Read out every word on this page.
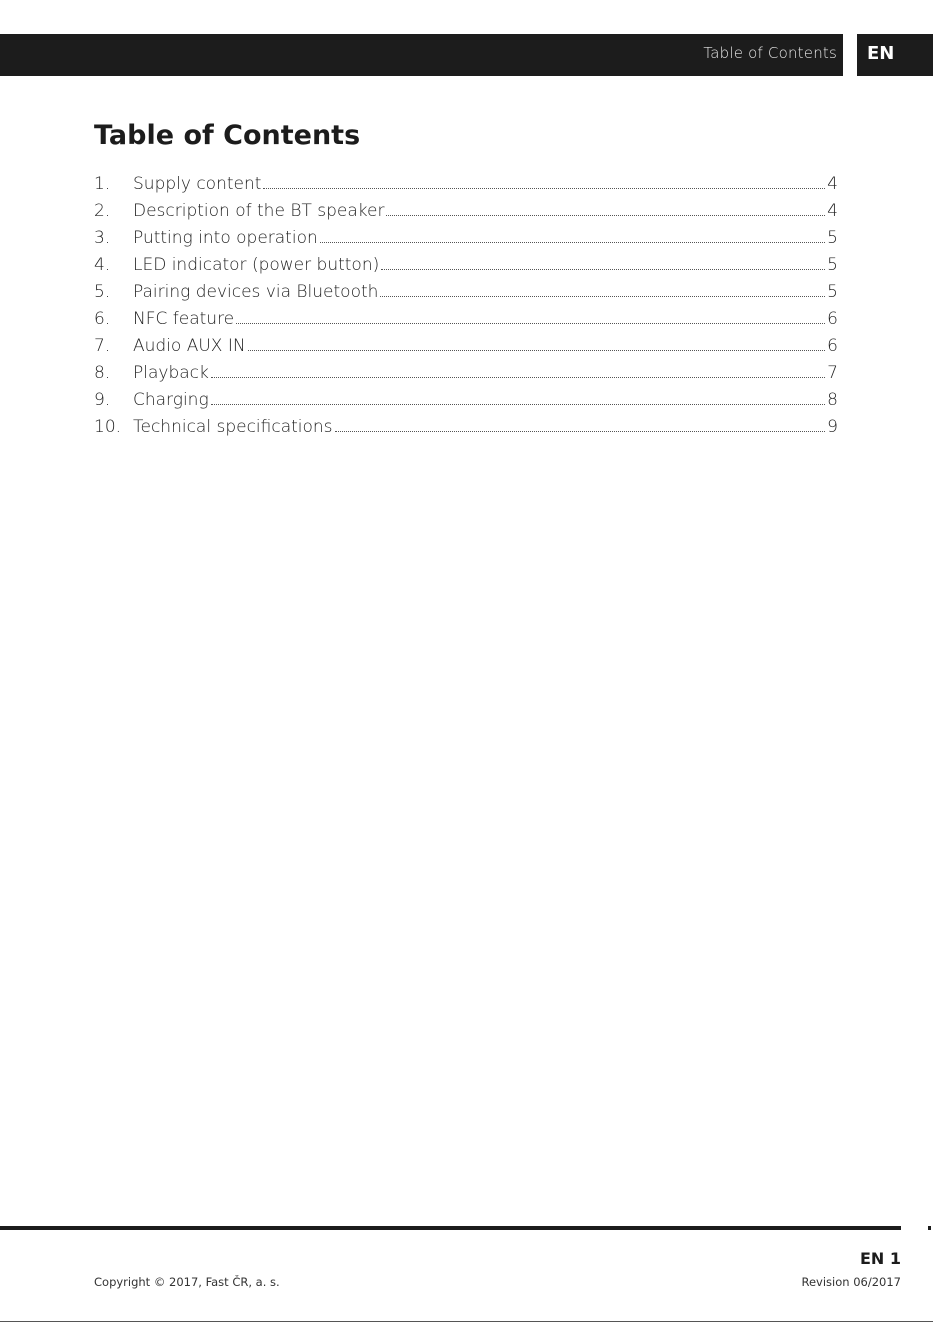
Table of Contents EN
Table of Contents
1.	Supply content	4
2.	Description of the BT speaker	4
3.	Putting into operation	5
4.	LED indicator (power button)	5
5.	Pairing devices via Bluetooth	5
6.	NFC feature	6
7.	Audio AUX IN	6
8.	Playback	7
9.	Charging	8
10. Technical specifications	9
EN 1
Copyright © 2017, Fast ČR, a. s.	Revision 06/2017
